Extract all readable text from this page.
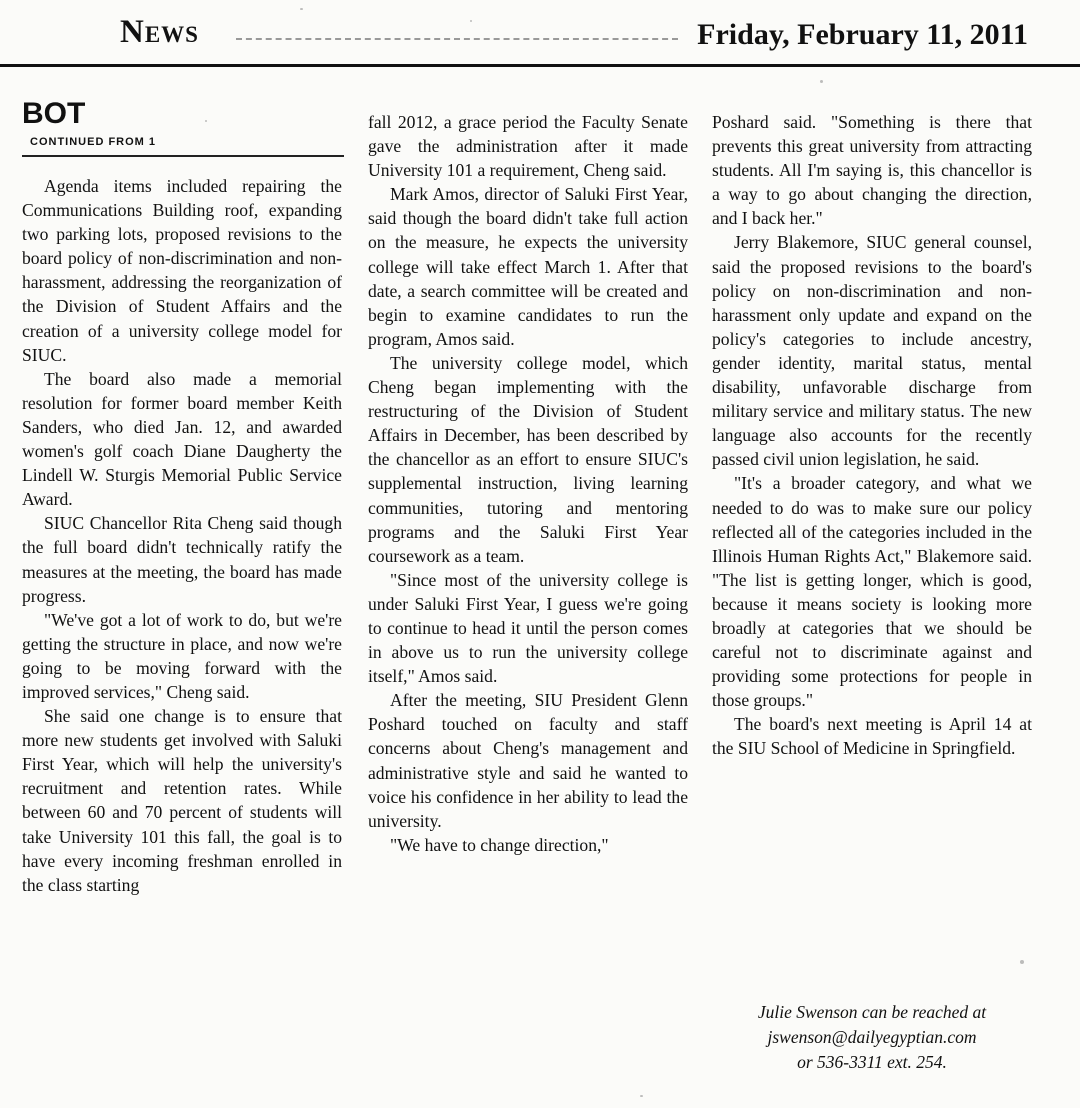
News	Friday, February 11, 2011
BOT
CONTINUED FROM 1

Agenda items included repairing the Communications Building roof, expanding two parking lots, proposed revisions to the board policy of non-discrimination and non-harassment, addressing the reorganization of the Division of Student Affairs and the creation of a university college model for SIUC.

The board also made a memorial resolution for former board member Keith Sanders, who died Jan. 12, and awarded women's golf coach Diane Daugherty the Lindell W. Sturgis Memorial Public Service Award.

SIUC Chancellor Rita Cheng said though the full board didn't technically ratify the measures at the meeting, the board has made progress.

"We've got a lot of work to do, but we're getting the structure in place, and now we're going to be moving forward with the improved services," Cheng said.

She said one change is to ensure that more new students get involved with Saluki First Year, which will help the university's recruitment and retention rates. While between 60 and 70 percent of students will take University 101 this fall, the goal is to have every incoming freshman enrolled in the class starting

fall 2012, a grace period the Faculty Senate gave the administration after it made University 101 a requirement, Cheng said.

Mark Amos, director of Saluki First Year, said though the board didn't take full action on the measure, he expects the university college will take effect March 1. After that date, a search committee will be created and begin to examine candidates to run the program, Amos said.

The university college model, which Cheng began implementing with the restructuring of the Division of Student Affairs in December, has been described by the chancellor as an effort to ensure SIUC's supplemental instruction, living learning communities, tutoring and mentoring programs and the Saluki First Year coursework as a team.

"Since most of the university college is under Saluki First Year, I guess we're going to continue to head it until the person comes in above us to run the university college itself," Amos said.

After the meeting, SIU President Glenn Poshard touched on faculty and staff concerns about Cheng's management and administrative style and said he wanted to voice his confidence in her ability to lead the university.

"We have to change direction,"

Poshard said. "Something is there that prevents this great university from attracting students. All I'm saying is, this chancellor is a way to go about changing the direction, and I back her."

Jerry Blakemore, SIUC general counsel, said the proposed revisions to the board's policy on non-discrimination and non-harassment only update and expand on the policy's categories to include ancestry, gender identity, marital status, mental disability, unfavorable discharge from military service and military status. The new language also accounts for the recently passed civil union legislation, he said.

"It's a broader category, and what we needed to do was to make sure our policy reflected all of the categories included in the Illinois Human Rights Act," Blakemore said. "The list is getting longer, which is good, because it means society is looking more broadly at categories that we should be careful not to discriminate against and providing some protections for people in those groups."

The board's next meeting is April 14 at the SIU School of Medicine in Springfield.

Julie Swenson can be reached at
jswenson@dailyegyptian.com
or 536-3311 ext. 254.
